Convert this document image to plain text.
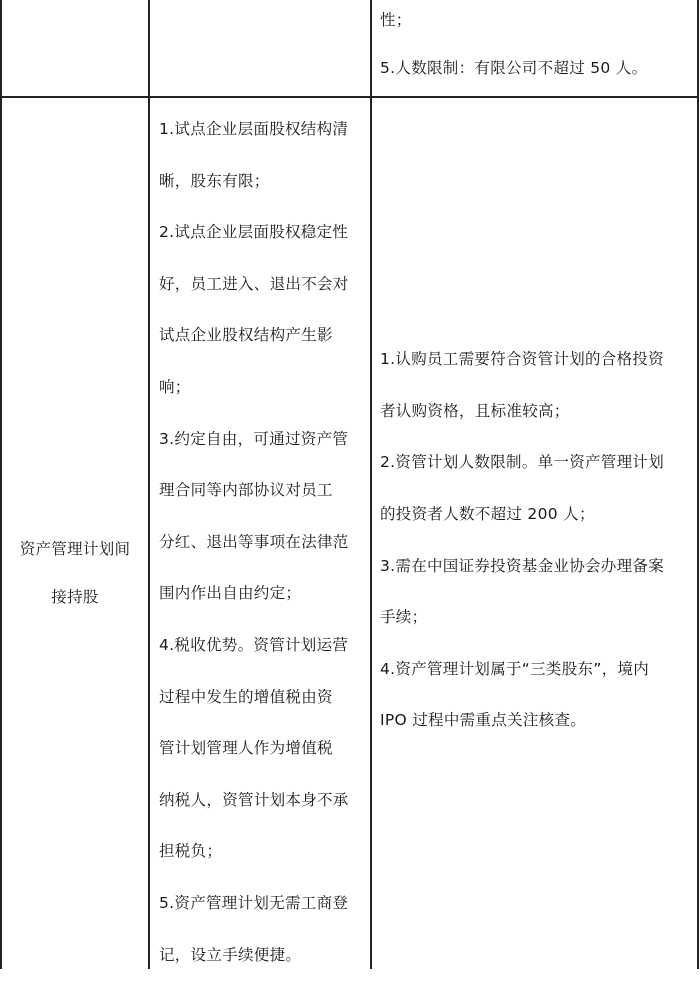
性；

5.人数限制：有限公司不超过 50 人。

资产管理计划间
接持股

1.试点企业层面股权结构清

晰，股东有限；

2.试点企业层面股权稳定性

好，员工进入、退出不会对

试点企业股权结构产生影

响；

3.约定自由，可通过资产管

理合同等内部协议对员工

分红、退出等事项在法律范

围内作出自由约定；

4.税收优势。资管计划运营

过程中发生的增值税由资

管计划管理人作为增值税

纳税人，资管计划本身不承

担税负；

5.资产管理计划无需工商登

记，设立手续便捷。

1.认购员工需要符合资管计划的合格投资

者认购资格，且标准较高；

2.资管计划人数限制。单一资产管理计划

的投资者人数不超过 200 人；

3.需在中国证券投资基金业协会办理备案

手续；

4.资产管理计划属于“三类股东”，境内

IPO 过程中需重点关注核查。
